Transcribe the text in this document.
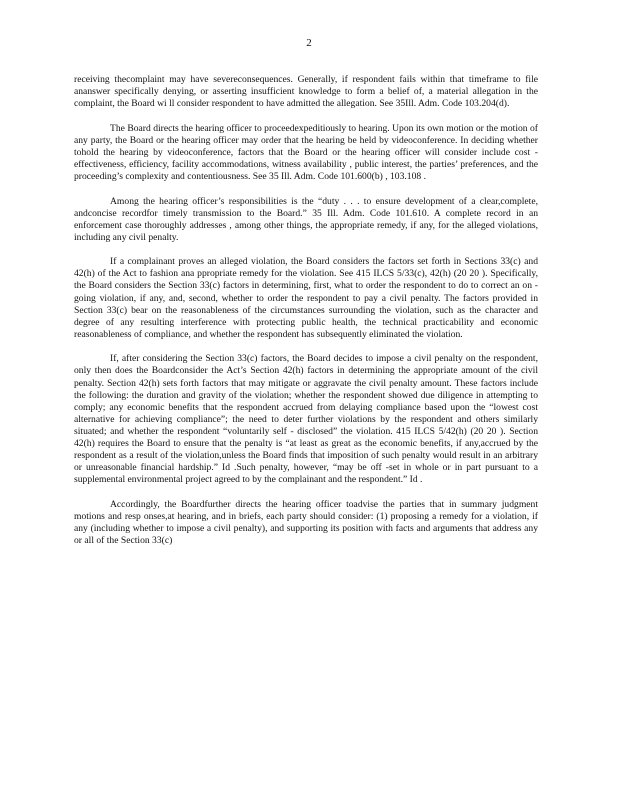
2

receiving thecomplaint may have severeconsequences. Generally, if respondent fails within that timeframe to file ananswer specifically denying, or asserting insufficient knowledge to form a belief of, a material allegation in the complaint, the Board wi ll consider respondent to have admitted the allegation. See 35Ill. Adm. Code 103.204(d).

The Board directs the hearing officer to proceedexpeditiously to hearing. Upon its own motion or the motion of any party, the Board or the hearing officer may order that the hearing be held by videoconference. In deciding whether tohold the hearing by videoconference, factors that the Board or the hearing officer will consider include cost -effectiveness, efficiency, facility accommodations, witness availability , public interest, the parties’ preferences, and the proceeding’s complexity and contentiousness. See 35 Ill. Adm. Code 101.600(b) , 103.108 .

Among the hearing officer’s responsibilities is the “duty . . . to ensure development of a clear,complete, andconcise recordfor timely transmission to the Board.” 35 Ill. Adm. Code 101.610. A complete record in an enforcement case thoroughly addresses , among other things, the appropriate remedy, if any, for the alleged violations, including any civil penalty.

If a complainant proves an alleged violation, the Board considers the factors set forth in Sections 33(c) and 42(h) of the Act to fashion ana ppropriate remedy for the violation. See 415 ILCS 5/33(c), 42(h) (20 20 ). Specifically, the Board considers the Section 33(c) factors in determining, first, what to order the respondent to do to correct an on -going violation, if any, and, second, whether to order the respondent to pay a civil penalty. The factors provided in Section 33(c) bear on the reasonableness of the circumstances surrounding the violation, such as the character and degree of any resulting interference with protecting public health, the technical practicability and economic reasonableness of compliance, and whether the respondent has subsequently eliminated the violation.

If, after considering the Section 33(c) factors, the Board decides to impose a civil penalty on the respondent, only then does the Boardconsider the Act’s Section 42(h) factors in determining the appropriate amount of the civil penalty. Section 42(h) sets forth factors that may mitigate or aggravate the civil penalty amount. These factors include the following: the duration and gravity of the violation; whether the respondent showed due diligence in attempting to comply; any economic benefits that the respondent accrued from delaying compliance based upon the “lowest cost alternative for achieving compliance”; the need to deter further violations by the respondent and others similarly situated; and whether the respondent “voluntarily self - disclosed” the violation. 415 ILCS 5/42(h) (20 20 ). Section 42(h) requires the Board to ensure that the penalty is “at least as great as the economic benefits, if any,accrued by the respondent as a result of the violation,unless the Board finds that imposition of such penalty would result in an arbitrary or unreasonable financial hardship.” Id .Such penalty, however, “may be off -set in whole or in part pursuant to a supplemental environmental project agreed to by the complainant and the respondent.” Id .

Accordingly, the Boardfurther directs the hearing officer toadvise the parties that in summary judgment motions and resp onses,at hearing, and in briefs, each party should consider: (1) proposing a remedy for a violation, if any (including whether to impose a civil penalty), and supporting its position with facts and arguments that address any or all of the Section 33(c)
